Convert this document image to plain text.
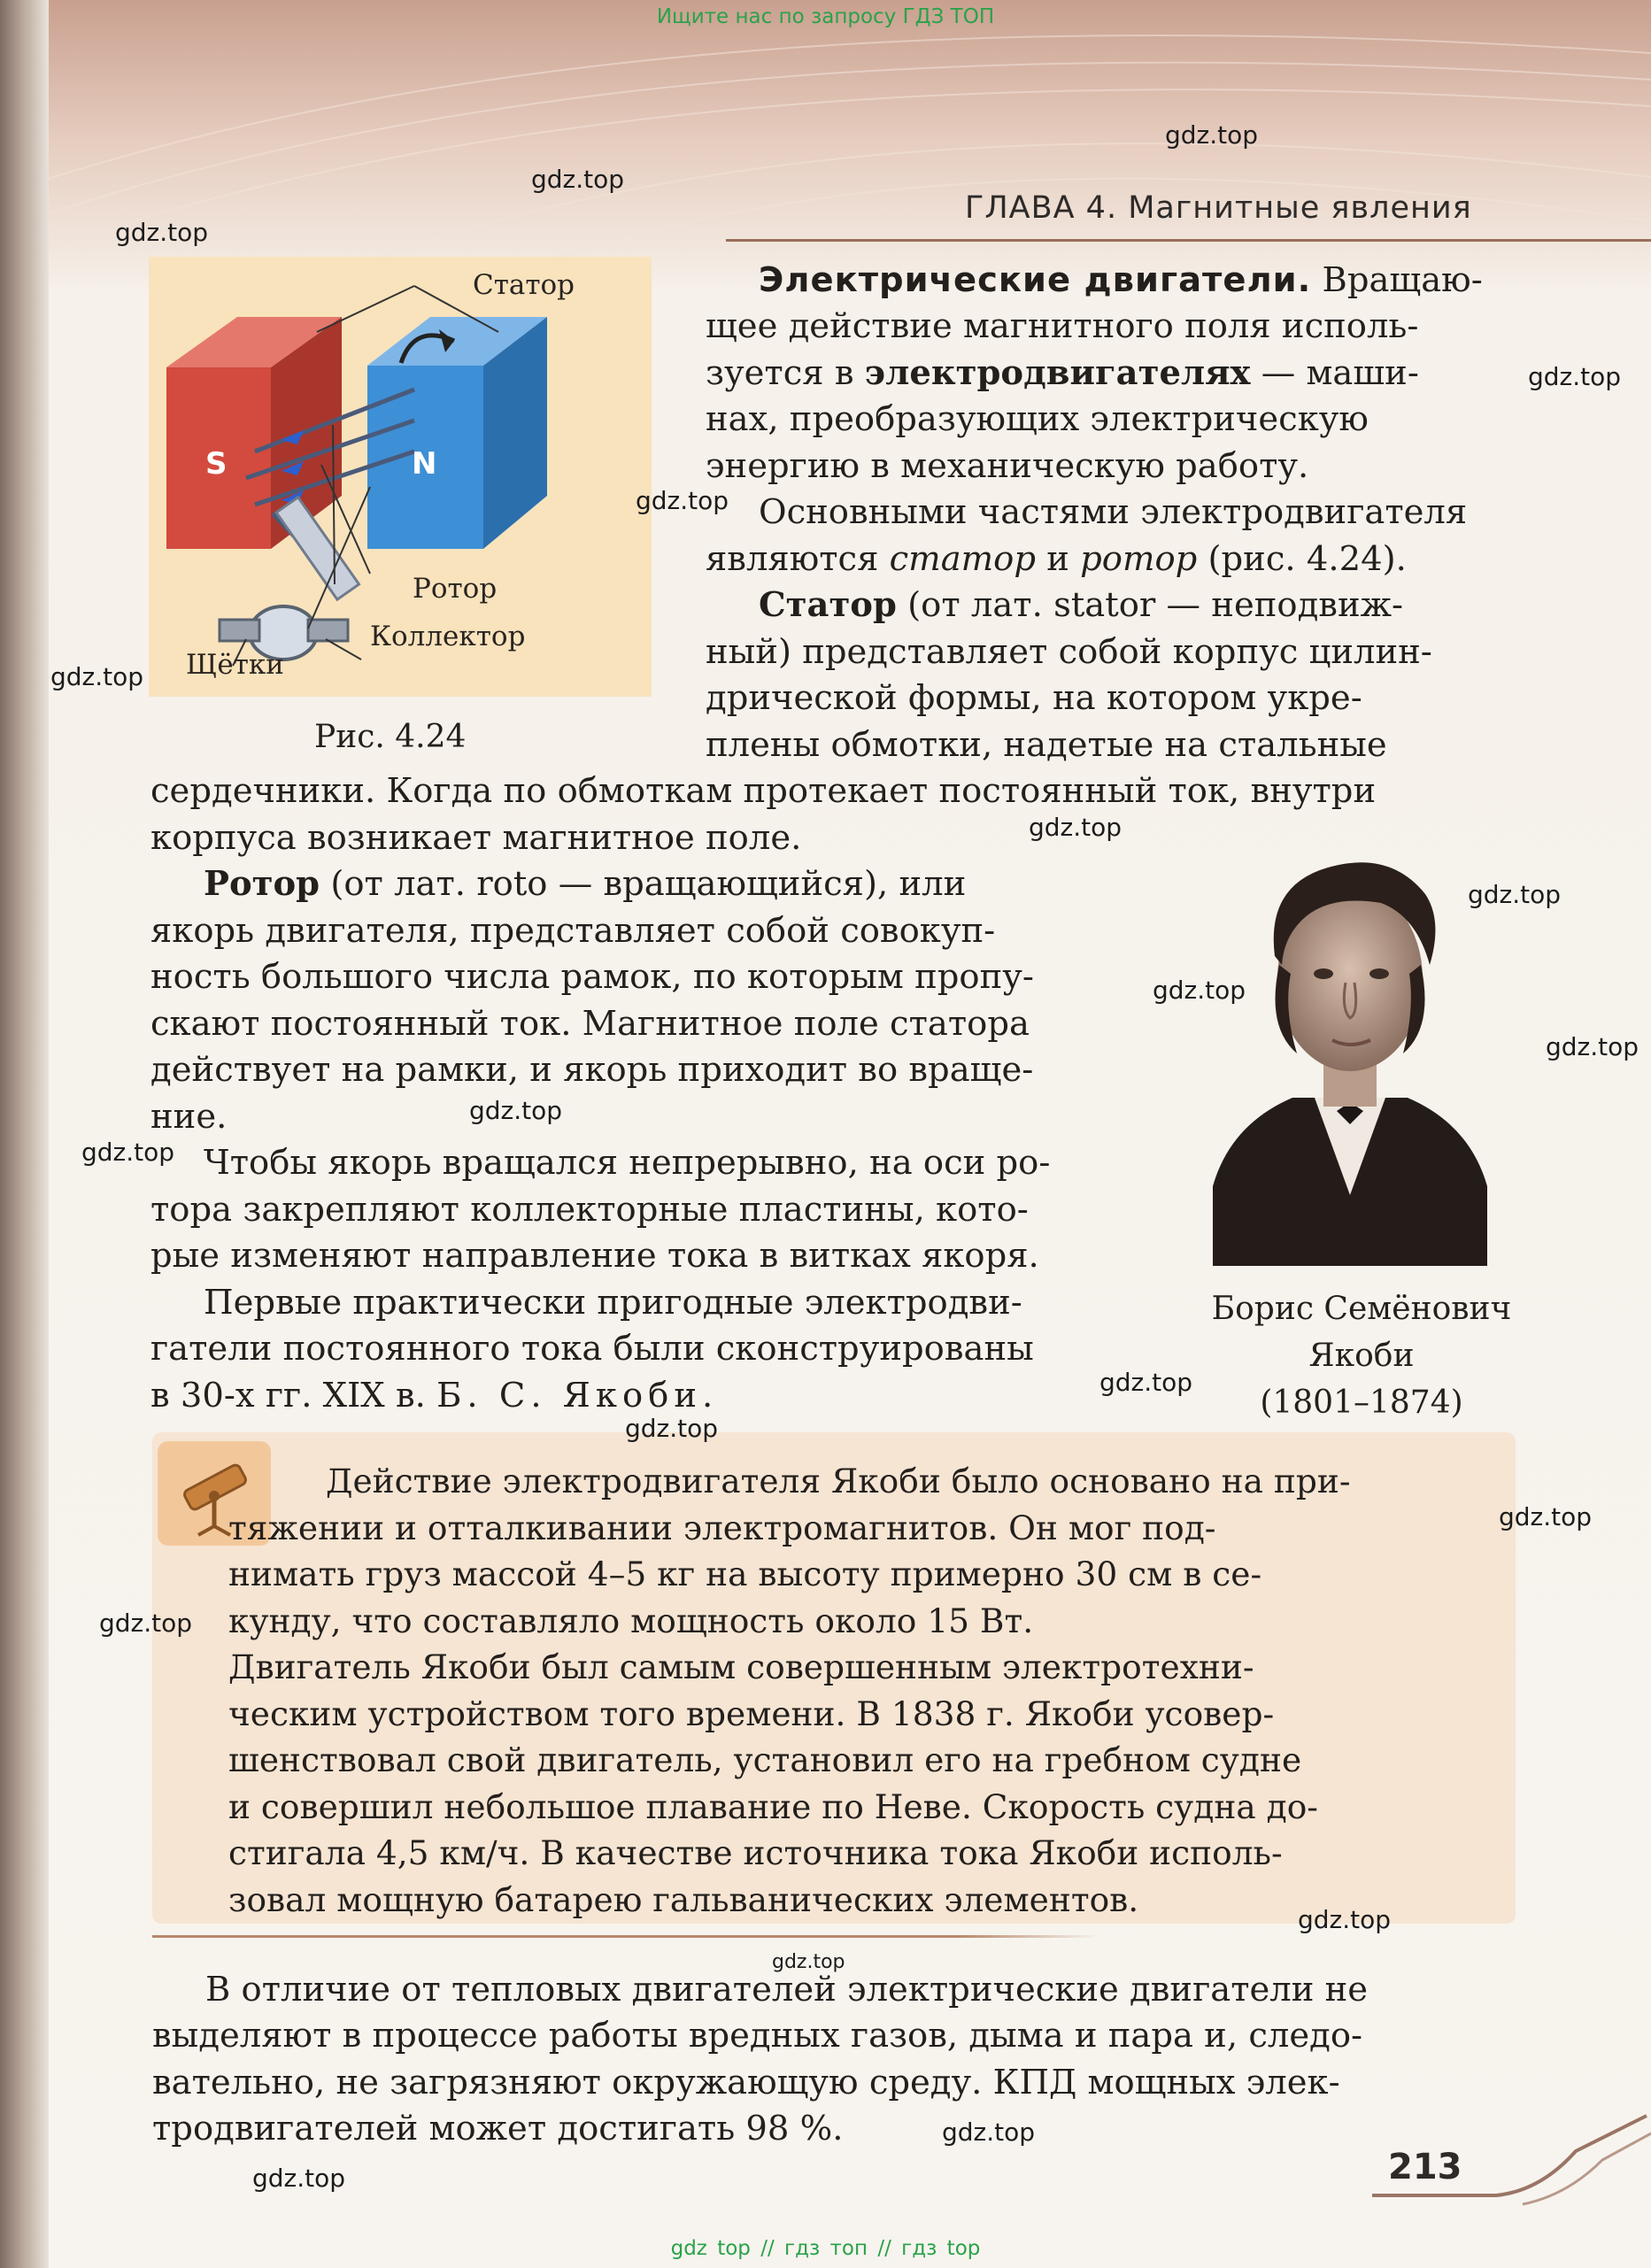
Ищите нас по запросу ГДЗ ТОП
ГЛАВА 4. Магнитные явления
S	N
Статор
Ротор
Коллектор
Щётки
Рис. 4.24
Электрические двигатели. Вращаю-
щее действие магнитного поля исполь-
зуется в электродвигателях — маши-
нах, преобразующих электрическую
энергию в механическую работу.
Основными частями электродвигателя
являются статор и ротор (рис. 4.24).
Статор (от лат. stator — неподвиж-
ный) представляет собой корпус цилин-
дрической формы, на котором укре-
плены обмотки, надетые на стальные
сердечники. Когда по обмоткам протекает постоянный ток, внутри
корпуса возникает магнитное поле.
Ротор (от лат. roto — вращающийся), или
якорь двигателя, представляет собой совокуп-
ность большого числа рамок, по которым пропу-
скают постоянный ток. Магнитное поле статора
действует на рамки, и якорь приходит во враще-
ние.
Чтобы якорь вращался непрерывно, на оси ро-
тора закрепляют коллекторные пластины, кото-
рые изменяют направление тока в витках якоря.
Первые практически пригодные электродви-
гатели постоянного тока были сконструированы
в 30-х гг. XIX в. Б. С. Якоби.
Борис Семёнович
Якоби
(1801–1874)
Действие электродвигателя Якоби было основано на при-
тяжении и отталкивании электромагнитов. Он мог под-
нимать груз массой 4–5 кг на высоту примерно 30 см в се-
кунду, что составляло мощность около 15 Вт.
Двигатель Якоби был самым совершенным электротехни-
ческим устройством того времени. В 1838 г. Якоби усовер-
шенствовал свой двигатель, установил его на гребном судне
и совершил небольшое плавание по Неве. Скорость судна до-
стигала 4,5 км/ч. В качестве источника тока Якоби исполь-
зовал мощную батарею гальванических элементов.
В отличие от тепловых двигателей электрические двигатели не
выделяют в процессе работы вредных газов, дыма и пара и, следо-
вательно, не загрязняют окружающую среду. КПД мощных элек-
тродвигателей может достигать 98 %.
213
gdz.top
gdz.top
gdz.top
gdz.top
gdz.top
gdz.top
gdz.top
gdz.top
gdz.top
gdz.top
gdz.top
gdz.top
gdz.top
gdz.top
gdz.top
gdz.top
gdz.top
gdz.top
gdz.top
gdz.top
gdz top // гдз топ // гдз top
